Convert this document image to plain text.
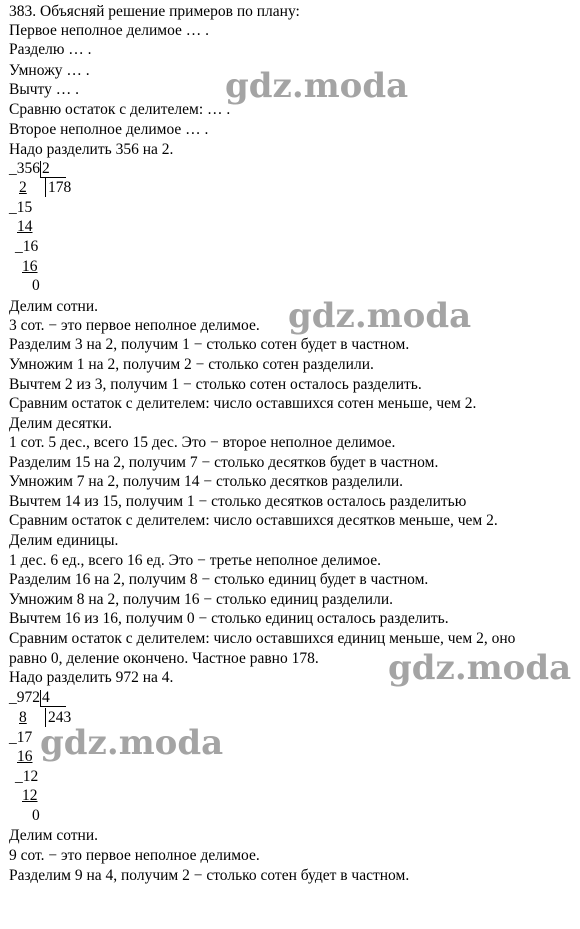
383. Объясняй решение примеров по плану:
Первое неполное делимое … .
Разделю … .
Умножу … .
Вычту … .
Сравню остаток с делителем: … .
Второе неполное делимое … .
Надо разделить 356 на 2.
_356 2
2 178
_15
14
_16
16
0
Делим сотни.
3 сот. − это первое неполное делимое.
Разделим 3 на 2, получим 1 − столько сотен будет в частном.
Умножим 1 на 2, получим 2 − столько сотен разделили.
Вычтем 2 из 3, получим 1 − столько сотен осталось разделить.
Сравним остаток с делителем: число оставшихся сотен меньше, чем 2.
Делим десятки.
1 сот. 5 дес., всего 15 дес. Это − второе неполное делимое.
Разделим 15 на 2, получим 7 − столько десятков будет в частном.
Умножим 7 на 2, получим 14 − столько десятков разделили.
Вычтем 14 из 15, получим 1 − столько десятков осталось разделитью
Сравним остаток с делителем: число оставшихся десятков меньше, чем 2.
Делим единицы.
1 дес. 6 ед., всего 16 ед. Это − третье неполное делимое.
Разделим 16 на 2, получим 8 − столько единиц будет в частном.
Умножим 8 на 2, получим 16 − столько единиц разделили.
Вычтем 16 из 16, получим 0 − столько единиц осталось разделить.
Сравним остаток с делителем: число оставшихся единиц меньше, чем 2, оно
равно 0, деление окончено. Частное равно 178.
Надо разделить 972 на 4.
_972 4
8 243
_17
16
_12
12
0
Делим сотни.
9 сот. − это первое неполное делимое.
Разделим 9 на 4, получим 2 − столько сотен будет в частном.
gdz.moda
gdz.moda
gdz.moda
gdz.moda
